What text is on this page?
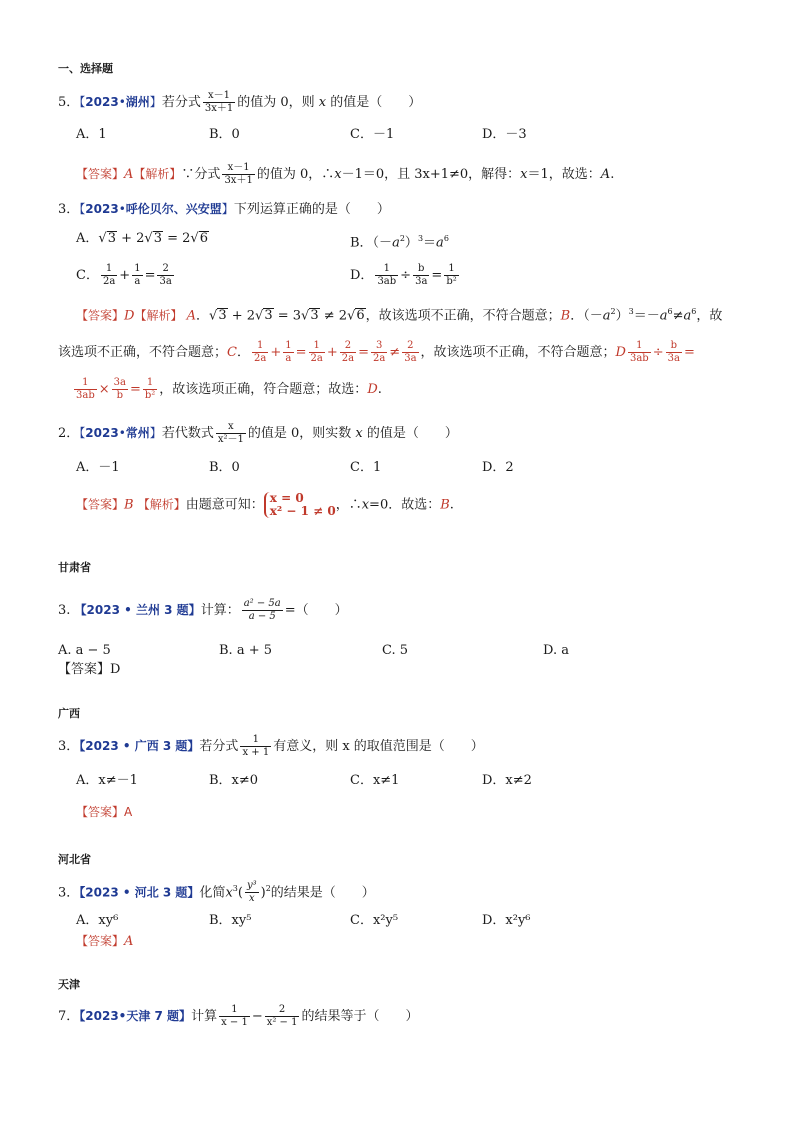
一、选择题
5．【2023•湖州】若分式 $\frac{x-1}{3x+1}$ 的值为 0，则 x 的值是（　　）
A．1	B．0	C．－1	D．－3
【答案】A【解析】∵分式 $\frac{x-1}{3x+1}$ 的值为 0，∴x－1＝0，且 3x+1≠0，解得：x＝1，故选：A.
3．【2023•呼伦贝尔、兴安盟】下列运算正确的是（　　）
A．√3 + 2√3 = 2√6	B．$(-a^2)^3=a^6$
C． $\frac{1}{2a} + \frac{1}{a} = \frac{2}{3a}$	D． $\frac{1}{3ab} \div \frac{b}{3a} = \frac{1}{\text{b²}}$
【答案】D【解析】 A．√3 + 2√3 = 3√3 ≠ 2√6，故该选项不正确，不符合题意；B．$(-a^2)^3=-a^6\ne a^6$，故
该选项不正确，不符合题意；C． $\frac{1}{2a} + \frac{1}{a} = \frac{1}{2a} + \frac{2}{2a} = \frac{3}{2a} \ne \frac{2}{3a}$ ，故该选项不正确，不符合题意；D $\frac{1}{3ab} \div \frac{b}{3a}$ =
$\frac{1}{3ab} \times \frac{3a}{b} = \frac{1}{\text{b²}}$ ，故该选项正确，符合题意；故选：D.
2．【2023•常州】若代数式 $\frac{x}{\text{x²－1}}$ 的值是 0，则实数 x 的值是（　　）
A．－1	B．0	C．1	D．2
【答案】B 【解析】由题意可知： x = 0
x² − 1 ≠ 0 ，∴x=0．故选：B.
甘肃省
3. 【2023 • 兰州 3 题】计算： $\frac{\text{a² − 5a}}{a - 5}$ =（　　）
A. a − 5	B. a + 5	C. 5	D. a
【答案】D
广西
3．【2023 • 广西 3 题】若分式 $\frac{1}{x + 1}$ 有意义，则 x 的取值范围是（　　）
A．x≠－1	B．x≠0	C．x≠1	D．x≠2
【答案】A
河北省
3．【2023 • 河北 3 题】化简$x^3( \frac{\text{y³}}{x} )^2$的结果是（　　）
A．xy⁶	B．xy⁵	C．x²y⁵	D．x²y⁶
【答案】A
天津
7．【2023•天津 7 题】计算 $\frac{1}{x - 1} - \frac{2}{\text{x² − 1}}$ 的结果等于（　　）
